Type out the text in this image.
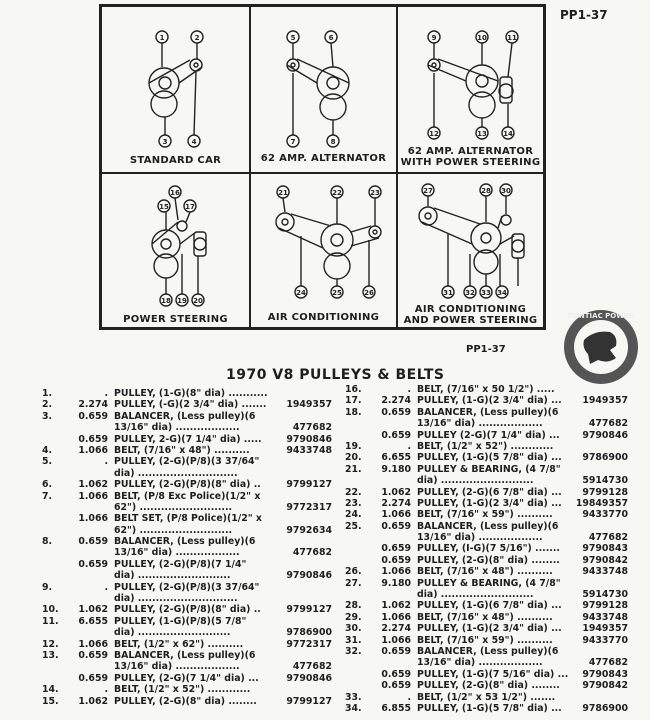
PP1-37
1	2
3	4
STANDARD CAR
5	6
7	8
62 AMP. ALTERNATOR
9	10	11
12	13 14
62 AMP. ALTERNATOR
WITH POWER STEERING
15
16
17
18 19 20
POWER STEERING
21	22	23
24	25	26
AIR CONDITIONING
27	28 30
31 32 33 34
AIR CONDITIONING
AND POWER STEERING
PP1-37
PONTIAC POWER
1970 V8 PULLEYS & BELTS
1.	. PULLEY, (1-G)(8" dia) ...........
2.	2.274 PULLEY, (-G)(2 3/4" dia) ....... 1949357
3.	0.659 BALANCER, (Less pulley)(6
13/16" dia) ..................	477682
0.659 PULLEY, 2-G)(7 1/4" dia) .....	9790846
4.	1.066 BELT, (7/16" x 48") ..........	9433748
5.	. PULLEY, (2-G)(P/8)(3 37/64"
dia) ............................
6.	1.062 PULLEY, (2-G)(P/8)(8" dia) ..	9799127
7.	1.066 BELT, (P/8 Exc Police)(1/2" x
62") ..........................	9772317
1.066 BELT SET, (P/8 Police)(1/2" x
62") ..........................	9792634
8.	0.659 BALANCER, (Less pulley)(6
13/16" dia) ..................	477682
0.659 PULLEY, (2-G)(P/8)(7 1/4"
dia) ..........................	9790846
9.	. PULLEY, (2-G)(P/8)(3 37/64"
dia) ............................
10.	1.062 PULLEY, (2-G)(P/8)(8" dia) ..	9799127
11.	6.655 PULLEY, (1-G)(P/8)(5 7/8"
dia) ..........................	9786900
12.	1.066 BELT, (1/2" x 62") ..........	9772317
13.	0.659 BALANCER, (Less pulley)(6
13/16" dia) ..................	477682
0.659 PULLEY, (2-G)(7 1/4" dia) ...	9790846
14.	. BELT, (1/2" x 52") ............
15.	1.062 PULLEY, (2-G)(8" dia) ........	9799127
16.	. BELT, (7/16" x 50 1/2") .....
17.	2.274 PULLEY, (1-G)(2 3/4" dia) ... 1949357
18.	0.659 BALANCER, (Less pulley)(6
13/16" dia) ..................	477682
0.659 PULLEY (2-G)(7 1/4" dia) ... 9790846
19.	. BELT, (1/2" x 52") ............
20.	6.655 PULLEY, (1-G)(5 7/8" dia) ... 9786900
21.	9.180 PULLEY & BEARING, (4 7/8"
dia) ..........................	5914730
22.	1.062 PULLEY, (2-G)(6 7/8" dia) ... 9799128
23.	2.274 PULLEY, (1-G)(2 3/4" dia) ... 19849357
24.	1.066 BELT, (7/16" x 59") ..........	9433770
25.	0.659 BALANCER, (Less pulley)(6
13/16" dia) ..................	477682
0.659 PULLEY, (I-G)(7 5/16") ....... 9790843
0.659 PULLEY, (2-G)(8" dia) ........ 9790842
26.	1.066 BELT, (7/16" x 48") ..........	9433748
27.	9.180 PULLEY & BEARING, (4 7/8"
dia) ..........................	5914730
28.	1.062 PULLEY, (1-G)(6 7/8" dia) ... 9799128
29.	1.066 BELT, (7/16" x 48") ..........	9433748
30.	2.274 PULLEY, (1-G)(2 3/4" dia) ... 1949357
31.	1.066 BELT, (7/16" x 59") ..........	9433770
32.	0.659 BALANCER, (Less pulley)(6
13/16" dia) ..................	477682
0.659 PULLEY, (1-G)(7 5/16" dia) ... 9790843
0.659 PULLEY, (2-G)(8" dia) ........ 9790842
33.	. BELT, (1/2" x 53 1/2") .......
34.	6.855 PULLEY, (1-G)(5 7/8" dia) ... 9786900
